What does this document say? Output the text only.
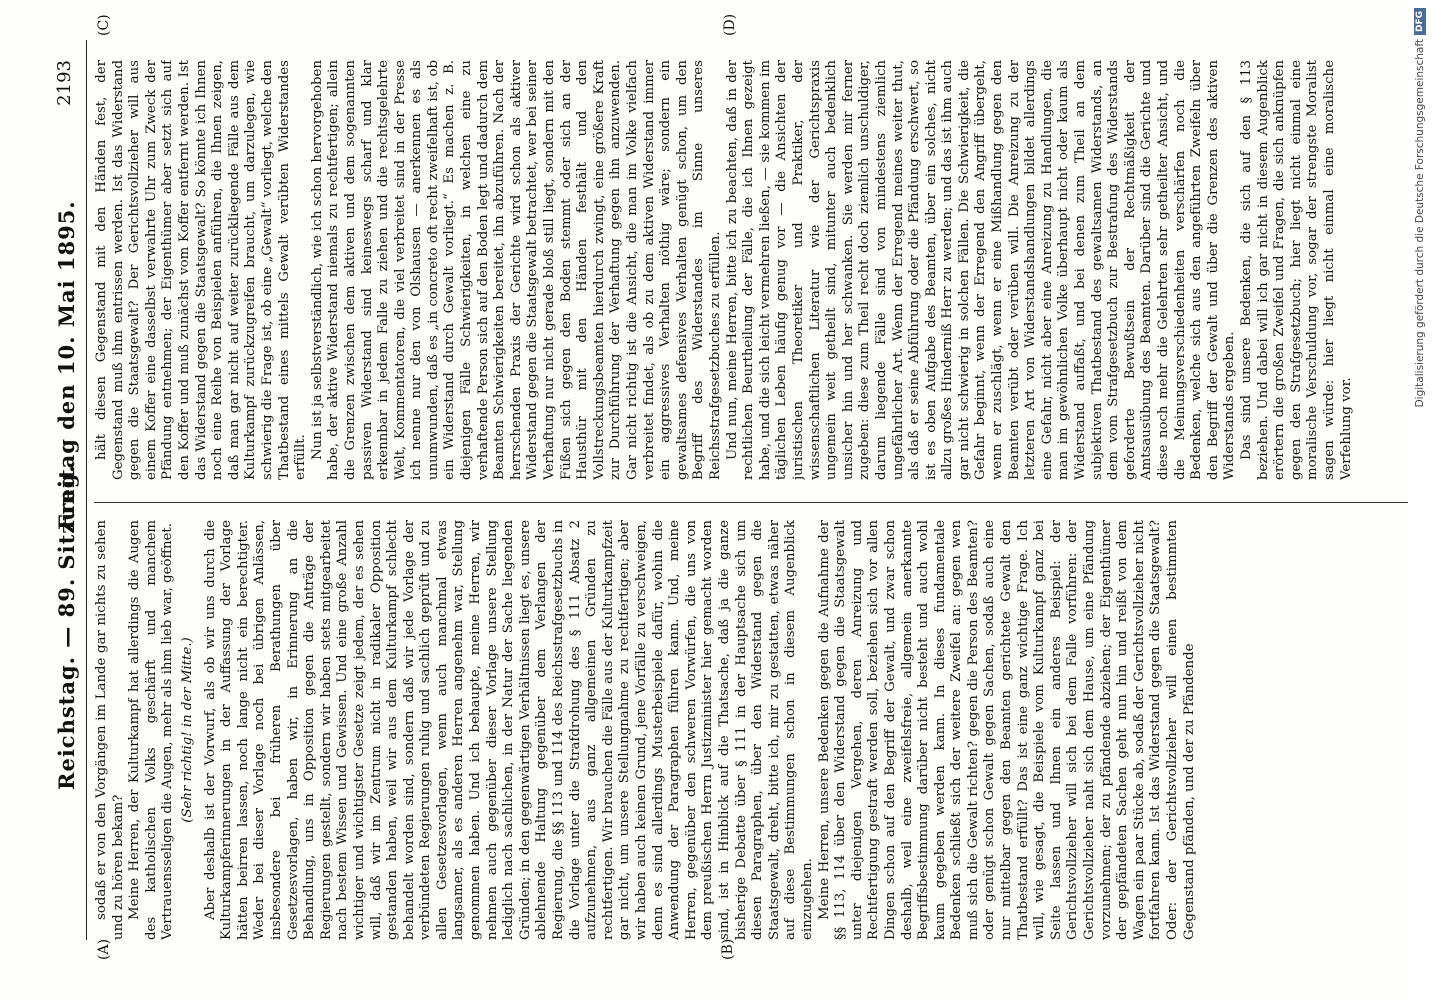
Reichstag. — 89. Sitzung.
Freitag den 10. Mai 1895.
2193
(A)	(B)
(C)	(D)

sodaß er von den Vorgängen im Lande gar nichts zu sehen und zu hören bekam? Meine Herren, der Kulturkampf hat allerdings die Augen des katholischen Volks geschärft und manchem Vertrauensseligen die Augen, mehr als ihm lieb war, geöffnet. (Sehr richtig! in der Mitte.) Aber deshalb ist der Vorwurf, als ob wir uns durch die Kulturkampferinnerungen in der Auffassung der Vorlage hätten beirren lassen, noch lange nicht ein berechtigter. Weder bei dieser Vorlage noch bei übrigen Anlässen, insbesondere bei früheren Berathungen über Gesetzesvorlagen, haben wir, in Erinnerung an die Behandlung, uns in Opposition gegen die Anträge der Regierungen gestellt, sondern wir haben stets mitgearbeitet nach bestem Wissen und Gewissen. Und eine große Anzahl wichtiger und wichtigster Gesetze zeigt jedem, der es sehen will, daß wir im Zentrum nicht in radikaler Opposition gestanden haben, weil wir aus dem Kulturkampf schlecht behandelt worden sind, sondern daß wir jede Vorlage der verbündeten Regierungen ruhig und sachlich geprüft und zu allen Gesetzesvorlagen, wenn auch manchmal etwas langsamer, als es anderen Herren angenehm war, Stellung genommen haben. Und ich behaupte, meine Herren, wir nehmen auch gegenüber dieser Vorlage unsere Stellung lediglich nach sachlichen, in der Natur der Sache liegenden Gründen; in den gegenwärtigen Verhältnissen liegt es, unsere ablehnende Haltung gegenüber dem Verlangen der Regierung, die §§ 113 und 114 des Reichsstrafgesetzbuchs in die Vorlage unter die Strafdrohung des § 111 Absatz 2 aufzunehmen, aus ganz allgemeinen Gründen zu rechtfertigen. Wir brauchen die Fälle aus der Kulturkampfzeit gar nicht, um unsere Stellungnahme zu rechtfertigen; aber wir haben auch keinen Grund, jene Vorfälle zu verschweigen, denn es sind allerdings Musterbeispiele dafür, wohin die Anwendung der Paragraphen führen kann. Und, meine Herren, gegenüber den schweren Vorwürfen, die uns von dem preußischen Herrn Justizminister hier gemacht worden sind, ist in Hinblick auf die Thatsache, daß ja die ganze bisherige Debatte über § 111 in der Hauptsache sich um diesen Paragraphen, über den Widerstand gegen die Staatsgewalt, dreht, bitte ich, mir zu gestatten, etwas näher auf diese Bestimmungen schon in diesem Augenblick einzugehen. Meine Herren, unsere Bedenken gegen die Aufnahme der §§ 113, 114 über den Widerstand gegen die Staatsgewalt unter diejenigen Vergehen, deren Anreizung und Rechtfertigung gestraft werden soll, beziehen sich vor allen Dingen schon auf den Begriff der Gewalt, und zwar schon deshalb, weil eine zweifelsfreie, allgemein anerkannte Begriffsbestimmung darüber nicht besteht und auch wohl kaum gegeben werden kann. In dieses fundamentale Bedenken schließt sich der weitere Zweifel an: gegen wen muß sich die Gewalt richten? gegen die Person des Beamten? oder genügt schon Gewalt gegen Sachen, sodaß auch eine nur mittelbar gegen den Beamten gerichtete Gewalt den Thatbestand erfüllt? Das ist eine ganz wichtige Frage. Ich will, wie gesagt, die Beispiele vom Kulturkampf ganz bei Seite lassen und Ihnen ein anderes Beispiel: der Gerichtsvollzieher will sich bei dem Falle vorführen: der Gerichtsvollzieher naht sich dem Hause, um eine Pfändung vorzunehmen; der zu pfändende abziehen; der Eigenthümer der gepfändeten Sachen geht nun hin und reißt von dem Wagen ein paar Stücke ab, sodaß der Gerichtsvollzieher nicht fortfahren kann. Ist das Widerstand gegen die Staatsgewalt? Oder: der Gerichtsvollzieher will einen bestimmten Gegenstand pfänden, und der zu Pfändende

hält diesen Gegenstand mit den Händen fest, der Gegenstand muß ihm entrissen werden. Ist das Widerstand gegen die Staatsgewalt? Der Gerichtsvollzieher will aus einem Koffer eine dasselbst verwahrte Uhr zum Zweck der Pfändung entnehmen; der Eigenthümer aber setzt sich auf den Koffer und muß zunächst vom Koffer entfernt werden. Ist das Widerstand gegen die Staatsgewalt? So könnte ich Ihnen noch eine Reihe von Beispielen anführen, die Ihnen zeigen, daß man gar nicht auf weiter zurückliegende Fälle aus dem Kulturkampf zurückzugreifen braucht, um darzulegen, wie schwierig die Frage ist, ob eine „Gewalt“ vorliegt, welche den Thatbestand eines mittels Gewalt verübten Widerstandes erfüllt. Nun ist ja selbstverständlich, wie ich schon hervorgehoben habe, der aktive Widerstand niemals zu rechtfertigen; allein die Grenzen zwischen dem aktiven und dem sogenannten passiven Widerstand sind keineswegs scharf und klar erkennbar in jedem Falle zu ziehen und die rechtsgelehrte Welt, Kommentatoren, die viel verbreitet sind in der Presse ich nenne nur den von Olshausen — anerkennen es als unumwunden, daß es „in concreto oft recht zweifelhaft ist, ob ein Widerstand durch Gewalt vorliegt.“ Es machen z. B. diejenigen Fälle Schwierigkeiten, in welchen eine zu verhaftende Person sich auf den Boden legt und dadurch dem Beamten Schwierigkeiten bereitet, ihn abzuführen. Nach der herrschenden Praxis der Gerichte wird schon als aktiver Widerstand gegen die Staatsgewalt betrachtet, wer bei seiner Verhaftung nur nicht gerade bloß still liegt, sondern mit den Füßen sich gegen den Boden stemmt oder sich an der Hausthür mit den Händen festhält und den Vollstreckungsbeamten hierdurch zwingt, eine größere Kraft zur Durchführung der Verhaftung gegen ihn anzuwenden. Gar nicht richtig ist die Ansicht, die man im Volke vielfach verbreitet findet, als ob zu dem aktiven Widerstand immer ein aggressives Verhalten nöthig wäre; sondern ein gewaltsames defensives Verhalten genügt schon, um den Begriff des Widerstandes im Sinne unseres Reichsstrafgesetzbuches zu erfüllen. Und nun, meine Herren, bitte ich zu beachten, daß in der rechtlichen Beurtheilung der Fälle, die ich Ihnen gezeigt habe, und die sich leicht vermehren ließen, — sie kommen im täglichen Leben häufig genug vor — die Ansichten der juristischen Theoretiker und Praktiker, der wissenschaftlichen Literatur wie der Gerichtspraxis ungemein weit getheilt sind, mitunter auch bedenklich unsicher hin und her schwanken. Sie werden mir ferner zugeben: diese zum Theil recht doch ziemlich unschuldiger, darum liegende Fälle sind von mindestens ziemlich ungefährlicher Art. Wenn der Erregend meines weiter thut, als daß er seine Abführung oder die Pfändung erschwert, so ist es oben Aufgabe des Beamten, über ein solches, nicht allzu großes Hinderniß Herr zu werden; und das ist ihm auch gar nicht schwierig in solchen Fällen. Die Schwierigkeit, die Gefahr beginnt, wenn der Erregend den Angriff übergeht, wenn er zuschlägt, wenn er eine Mißhandlung gegen den Beamten verübt oder verüben will. Die Anreizung zu der letzteren Art von Widerstandshandlungen bildet allerdings eine Gefahr, nicht aber eine Anreizung zu Handlungen, die man im gewöhnlichen Volke überhaupt nicht oder kaum als Widerstand auffaßt, und bei denen zum Theil an dem subjektiven Thatbestand des gewaltsamen Widerstands, an dem vom Strafgesetzbuch zur Bestrafung des Widerstands geforderte Bewußtsein der Rechtmäßigkeit der Amtsausübung des Beamten. Darüber sind die Gerichte und diese noch mehr die Gelehrten sehr getheilter Ansicht, und die Meinungsverschiedenheiten verschärfen noch die Bedenken, welche sich aus den angeführten Zweifeln über den Begriff der Gewalt und über die Grenzen des aktiven Widerstands ergeben. Das sind unsere Bedenken, die sich auf den § 113 beziehen. Und dabei will ich gar nicht in diesem Augenblick erörtern die großen Zweifel und Fragen, die sich anknüpfen gegen den Strafgesetzbuch; hier liegt nicht einmal eine moralische Verschuldung vor, sogar der strengste Moralist sagen würde: hier liegt nicht einmal eine moralische Verfehlung vor.

Digitalisierung gefördert durch die Deutsche Forschungsgemeinschaft
DFG
